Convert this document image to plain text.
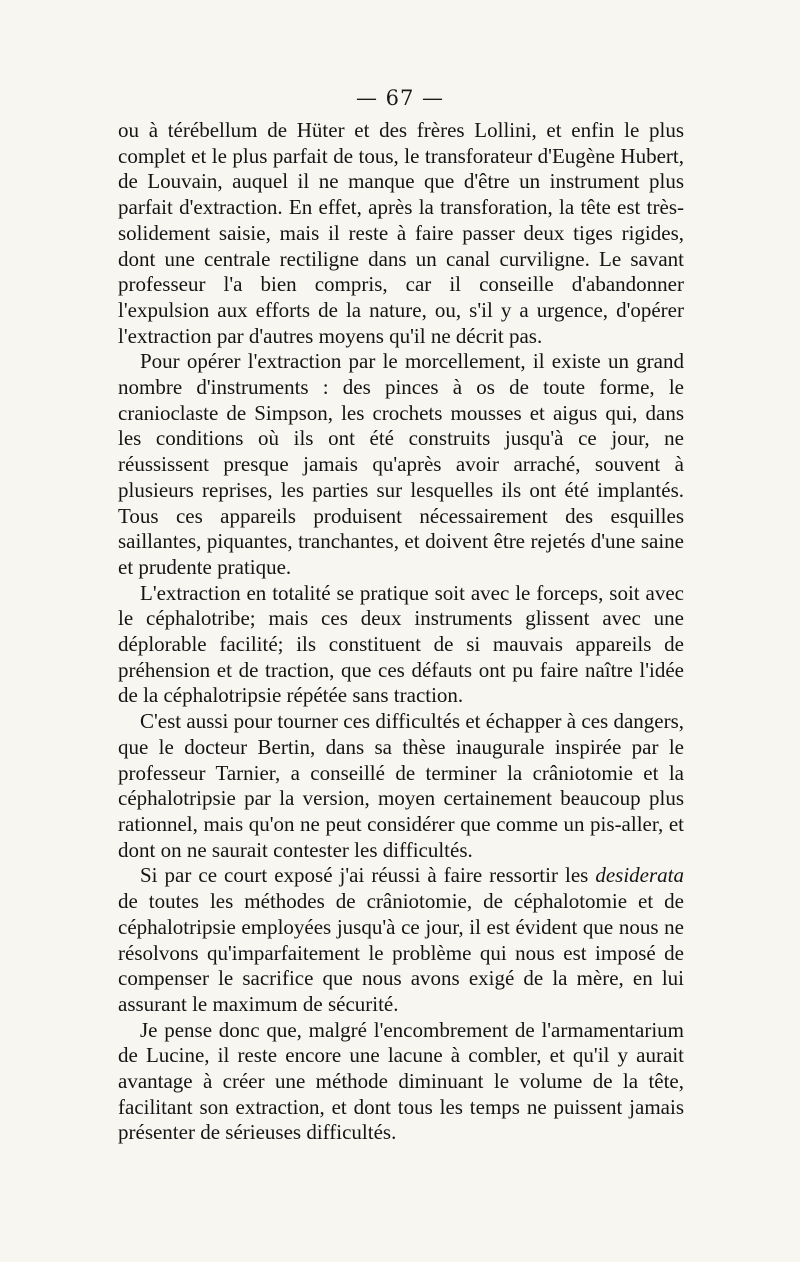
— 67 —

ou à térébellum de Hüter et des frères Lollini, et enfin le plus complet et le plus parfait de tous, le transforateur d'Eugène Hubert, de Louvain, auquel il ne manque que d'être un instrument plus parfait d'extraction. En effet, après la transforation, la tête est très-solidement saisie, mais il reste à faire passer deux tiges rigides, dont une centrale rectiligne dans un canal curviligne. Le savant professeur l'a bien compris, car il conseille d'abandonner l'expulsion aux efforts de la nature, ou, s'il y a urgence, d'opérer l'extraction par d'autres moyens qu'il ne décrit pas.

Pour opérer l'extraction par le morcellement, il existe un grand nombre d'instruments : des pinces à os de toute forme, le cranioclaste de Simpson, les crochets mousses et aigus qui, dans les conditions où ils ont été construits jusqu'à ce jour, ne réussissent presque jamais qu'après avoir arraché, souvent à plusieurs reprises, les parties sur lesquelles ils ont été implantés. Tous ces appareils produisent nécessairement des esquilles saillantes, piquantes, tranchantes, et doivent être rejetés d'une saine et prudente pratique.

L'extraction en totalité se pratique soit avec le forceps, soit avec le céphalotribe; mais ces deux instruments glissent avec une déplorable facilité; ils constituent de si mauvais appareils de préhension et de traction, que ces défauts ont pu faire naître l'idée de la céphalotripsie répétée sans traction.

C'est aussi pour tourner ces difficultés et échapper à ces dangers, que le docteur Bertin, dans sa thèse inaugurale inspirée par le professeur Tarnier, a conseillé de terminer la crâniotomie et la céphalotripsie par la version, moyen certainement beaucoup plus rationnel, mais qu'on ne peut considérer que comme un pis-aller, et dont on ne saurait contester les difficultés.

Si par ce court exposé j'ai réussi à faire ressortir les desiderata de toutes les méthodes de crâniotomie, de céphalotomie et de céphalotripsie employées jusqu'à ce jour, il est évident que nous ne résolvons qu'imparfaitement le problème qui nous est imposé de compenser le sacrifice que nous avons exigé de la mère, en lui assurant le maximum de sécurité.

Je pense donc que, malgré l'encombrement de l'armamentarium de Lucine, il reste encore une lacune à combler, et qu'il y aurait avantage à créer une méthode diminuant le volume de la tête, facilitant son extraction, et dont tous les temps ne puissent jamais présenter de sérieuses difficultés.
